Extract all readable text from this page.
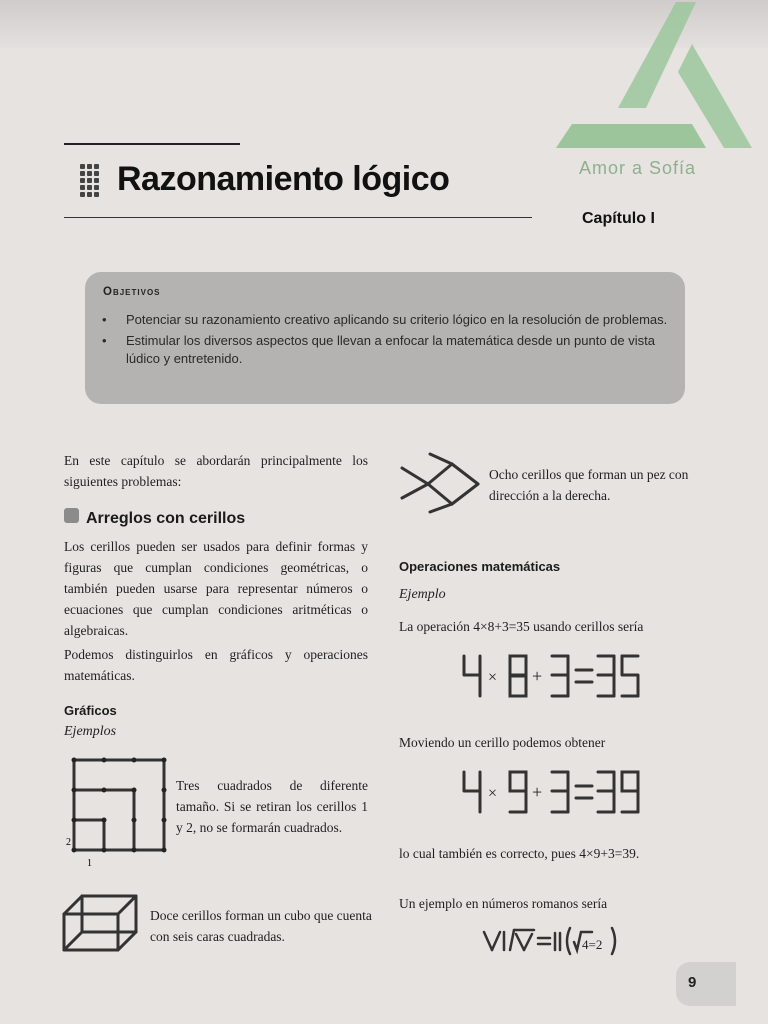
Amor a Sofía
Razonamiento lógico
Capítulo I
Objetivos
• Potenciar su razonamiento creativo aplicando su criterio lógico en la resolución de problemas.
• Estimular los diversos aspectos que llevan a enfocar la matemática desde un punto de vista lúdico y entretenido.
En este capítulo se abordarán principalmente los siguientes problemas:
Arreglos con cerillos
Los cerillos pueden ser usados para definir formas y figuras que cumplan condiciones geométricas, o también pueden usarse para representar números o ecuaciones que cumplan condiciones aritméticas o algebraicas.
Podemos distinguirlos en gráficos y operaciones matemáticas.
Gráficos
Ejemplos
2
1
Tres cuadrados de diferente tamaño. Si se retiran los cerillos 1 y 2, no se formarán cuadrados.
Doce cerillos forman un cubo que cuenta con seis caras cuadradas.
Ocho cerillos que forman un pez con dirección a la derecha.
Operaciones matemáticas
Ejemplo
La operación 4×8+3=35 usando cerillos sería
× +
Moviendo un cerillo podemos obtener
× +
lo cual también es correcto, pues 4×9+3=39.
Un ejemplo en números romanos sería
4=2
9
